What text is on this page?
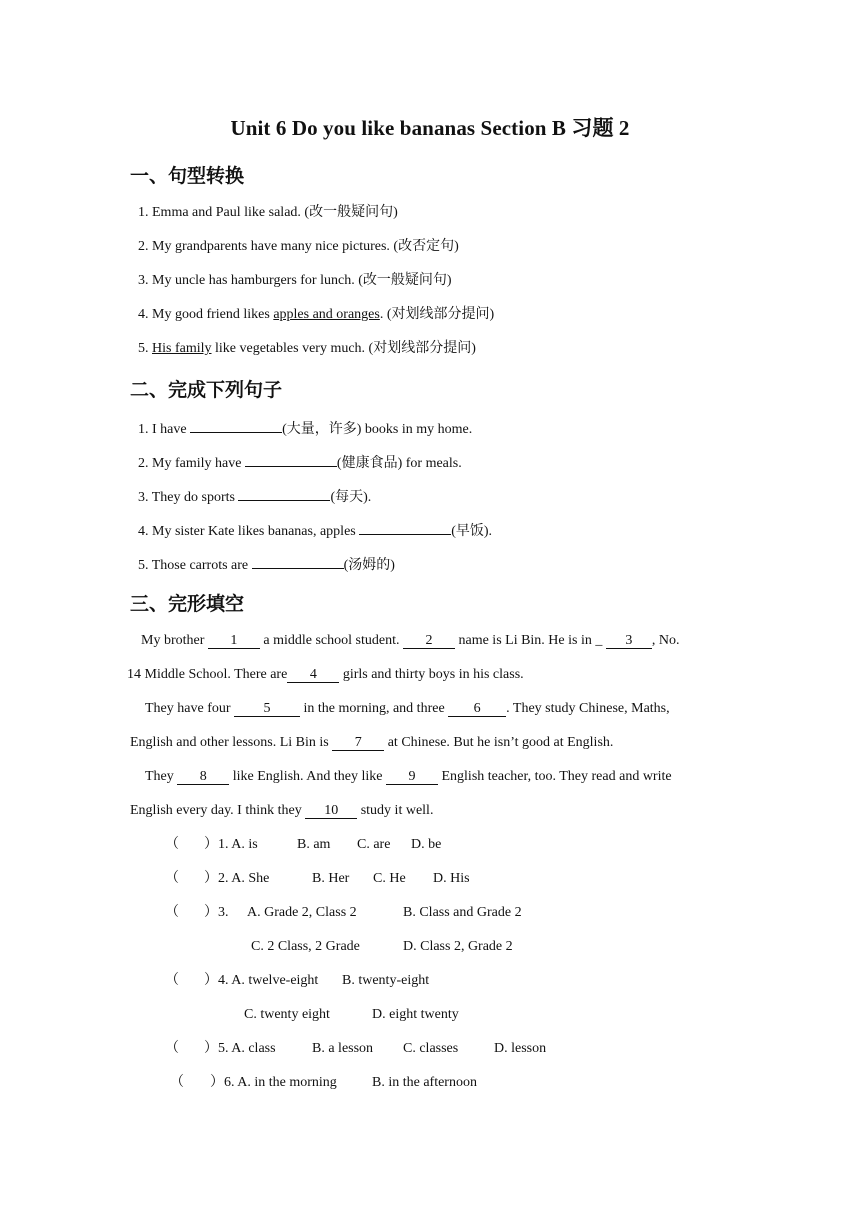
Unit 6 Do you like bananas Section B 习题 2
一、句型转换
1. Emma and Paul like salad. (改一般疑问句)
2. My grandparents have many nice pictures. (改否定句)
3. My uncle has hamburgers for lunch. (改一般疑问句)
4. My good friend likes apples and oranges. (对划线部分提问)
5. His family like vegetables very much. (对划线部分提问)
二、完成下列句子
1. I have	(大量，许多) books in my home.
2. My family have	(健康食品) for meals.
3. They do sports	(每天).
4. My sister Kate likes bananas, apples	(早饭).
5. Those carrots are	(汤姆的)
三、完形填空
My brother 1 a middle school student. 2 name is Li Bin. He is in _ 3 , No.
14 Middle School. There are 4 girls and thirty boys in his class.
They have four 5 in the morning, and three 6 . They study Chinese, Maths,
English and other lessons. Li Bin is 7 at Chinese. But he isn’t good at English.
They 8 like English. And they like 9 English teacher, too. They read and write
English every day. I think they 10 study it well.
（ ）1. A. is	B. am C. are D. be
（ ）2. A. She	B. Her C. He D. His
（ ）3. A. Grade 2, Class 2	B. Class and Grade 2
C. 2 Class, 2 Grade	D. Class 2, Grade 2
（ ）4. A. twelve-eight B. twenty-eight
C. twenty eight	D. eight twenty
（ ）5. A. class	B. a lesson C. classes	D. lesson
（ ）6. A. in the morning	B. in the afternoon
